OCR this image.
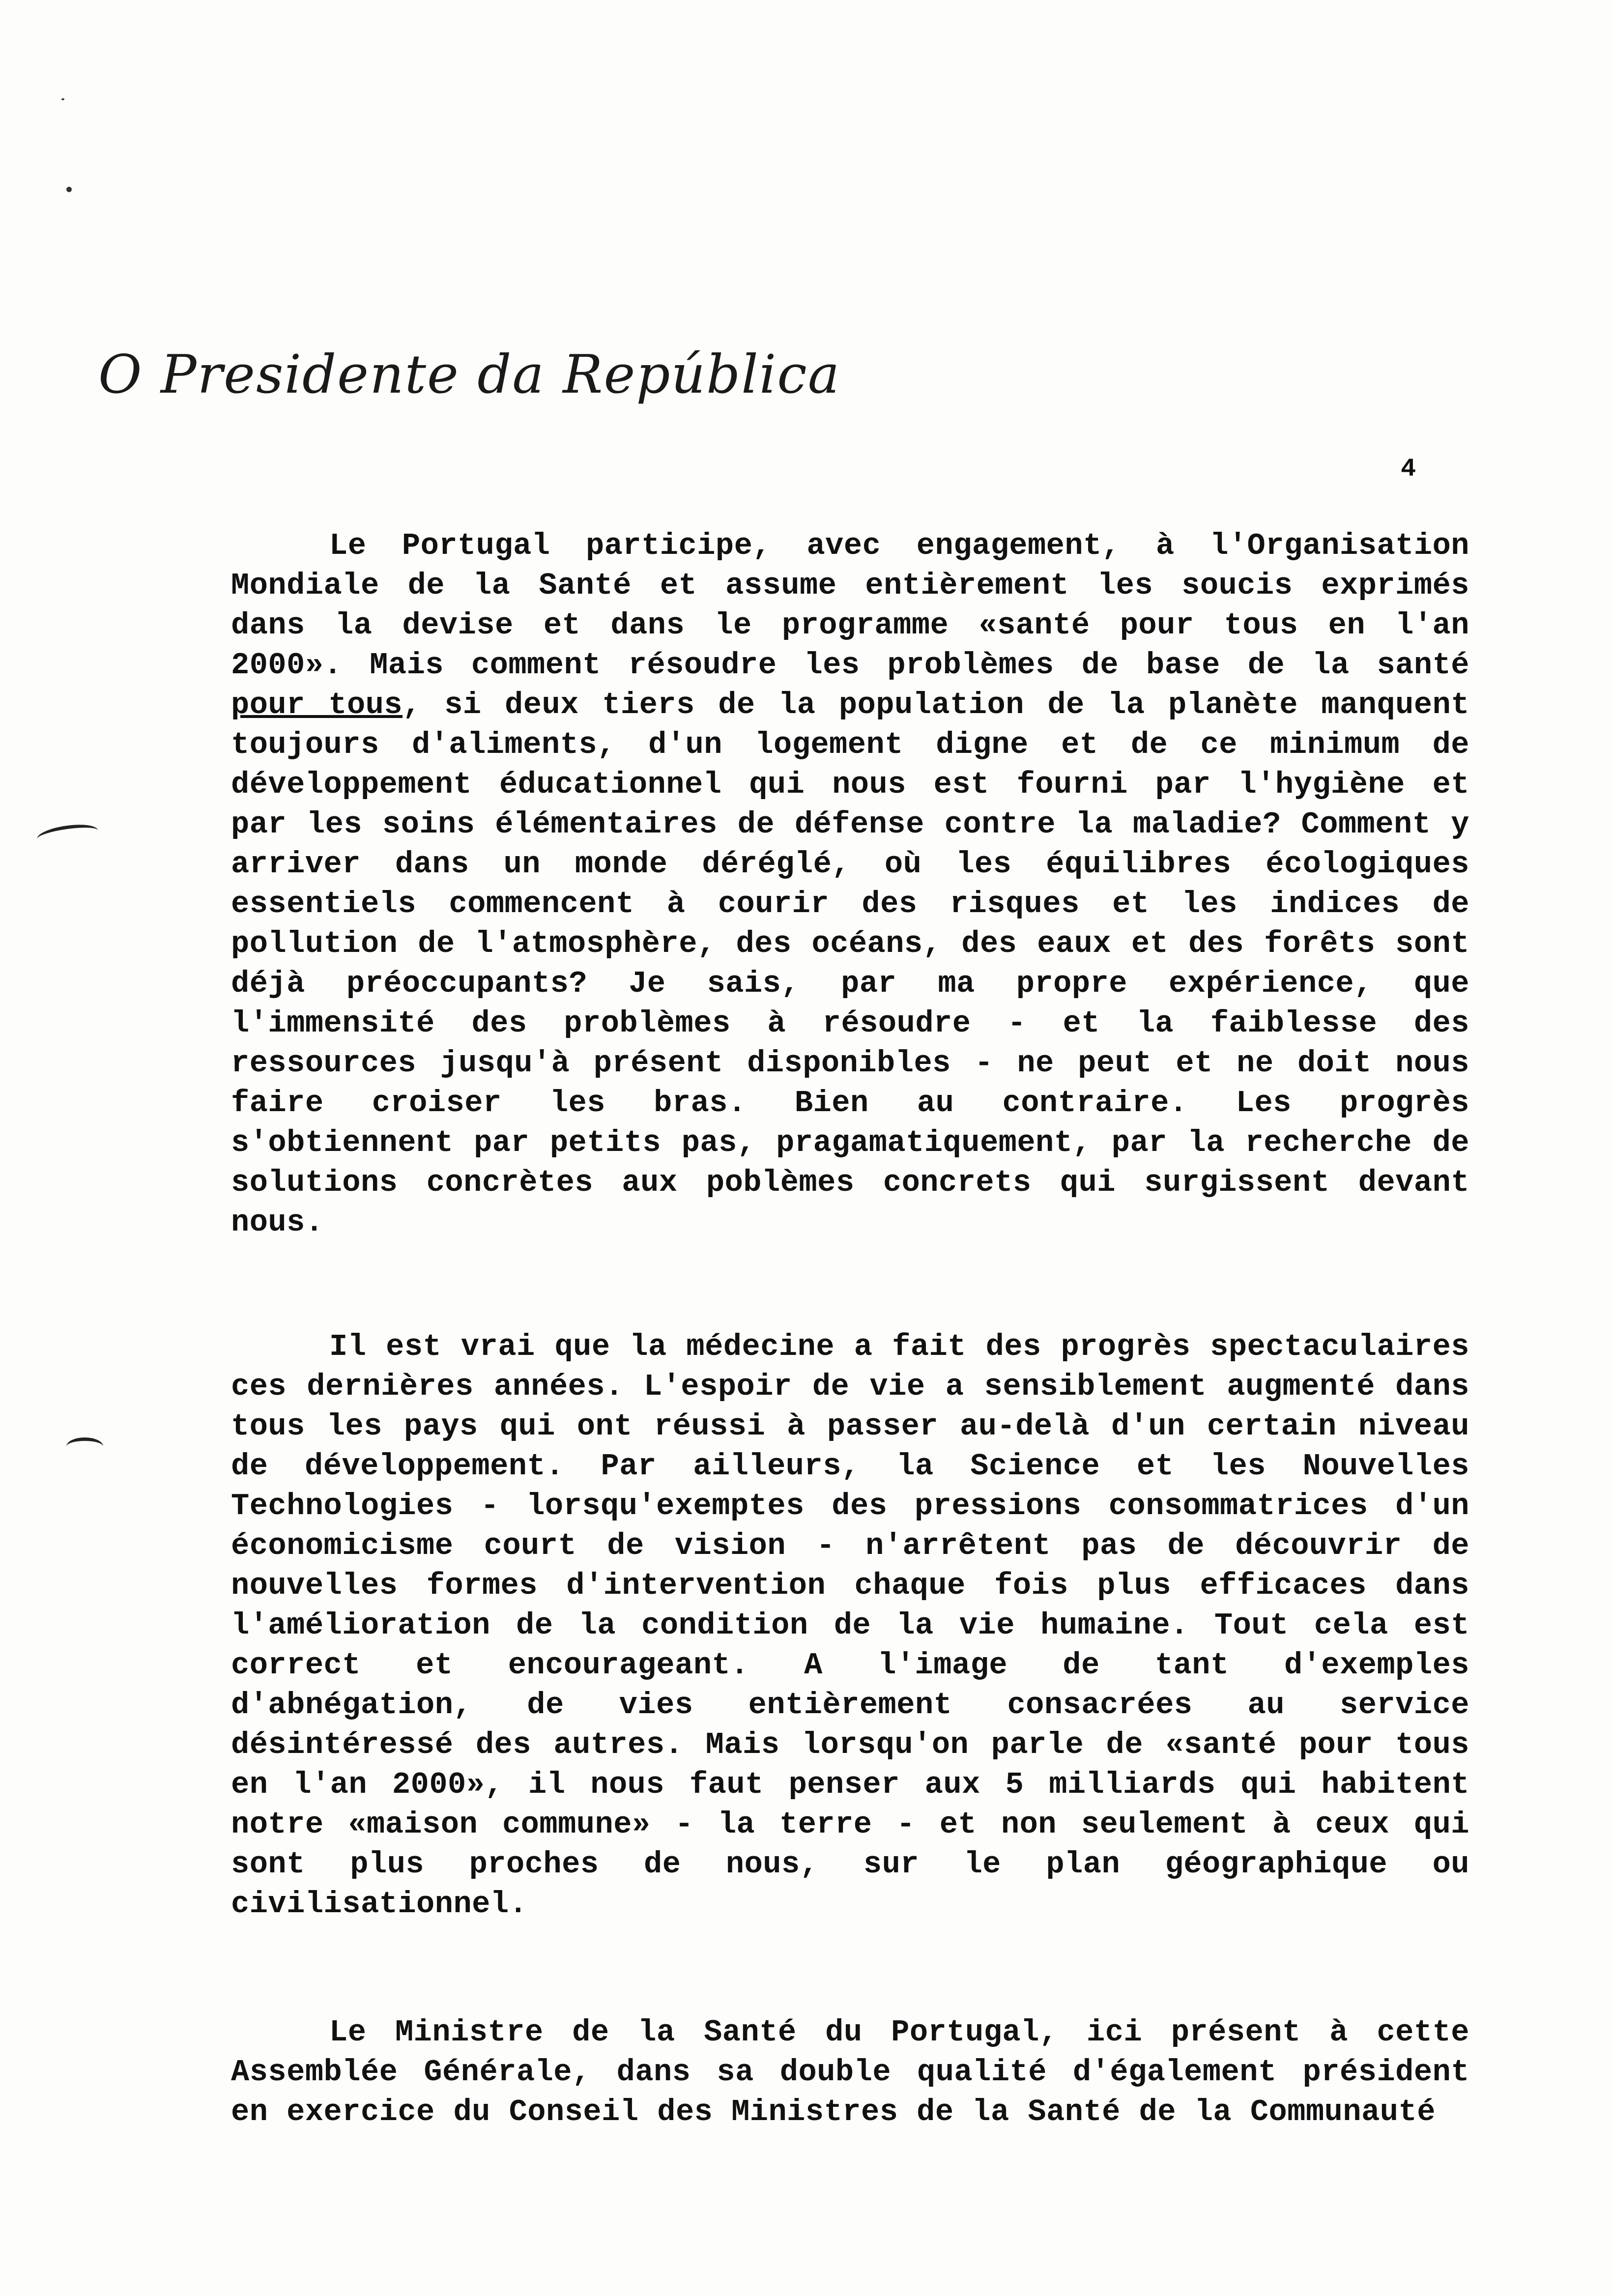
O Presidente da República
4

Le Portugal participe, avec engagement, à l'Organisation Mondiale de la Santé et assume entièrement les soucis exprimés dans la devise et dans le programme «santé pour tous en l'an 2000». Mais comment résoudre les problèmes de base de la santé pour tous, si deux tiers de la population de la planète manquent toujours d'aliments, d'un logement digne et de ce minimum de développement éducationnel qui nous est fourni par l'hygiène et par les soins élémentaires de défense contre la maladie? Comment y arriver dans un monde déréglé, où les équilibres écologiques essentiels commencent à courir des risques et les indices de pollution de l'atmosphère, des océans, des eaux et des forêts sont déjà préoccupants? Je sais, par ma propre expérience, que l'immensité des problèmes à résoudre - et la faiblesse des ressources jusqu'à présent disponibles - ne peut et ne doit nous faire croiser les bras. Bien au contraire. Les progrès s'obtiennent par petits pas, pragamatiquement, par la recherche de solutions concrètes aux poblèmes concrets qui surgissent devant nous.

Il est vrai que la médecine a fait des progrès spectaculaires ces dernières années. L'espoir de vie a sensiblement augmenté dans tous les pays qui ont réussi à passer au-delà d'un certain niveau de développement. Par ailleurs, la Science et les Nouvelles Technologies - lorsqu'exemptes des pressions consommatrices d'un économicisme court de vision - n'arrêtent pas de découvrir de nouvelles formes d'intervention chaque fois plus efficaces dans l'amélioration de la condition de la vie humaine. Tout cela est correct et encourageant. A l'image de tant d'exemples d'abnégation, de vies entièrement consacrées au service désintéressé des autres. Mais lorsqu'on parle de «santé pour tous en l'an 2000», il nous faut penser aux 5 milliards qui habitent notre «maison commune» - la terre - et non seulement à ceux qui sont plus proches de nous, sur le plan géographique ou civilisationnel.

Le Ministre de la Santé du Portugal, ici présent à cette Assemblée Générale, dans sa double qualité d'également président en exercice du Conseil des Ministres de la Santé de la Communauté
